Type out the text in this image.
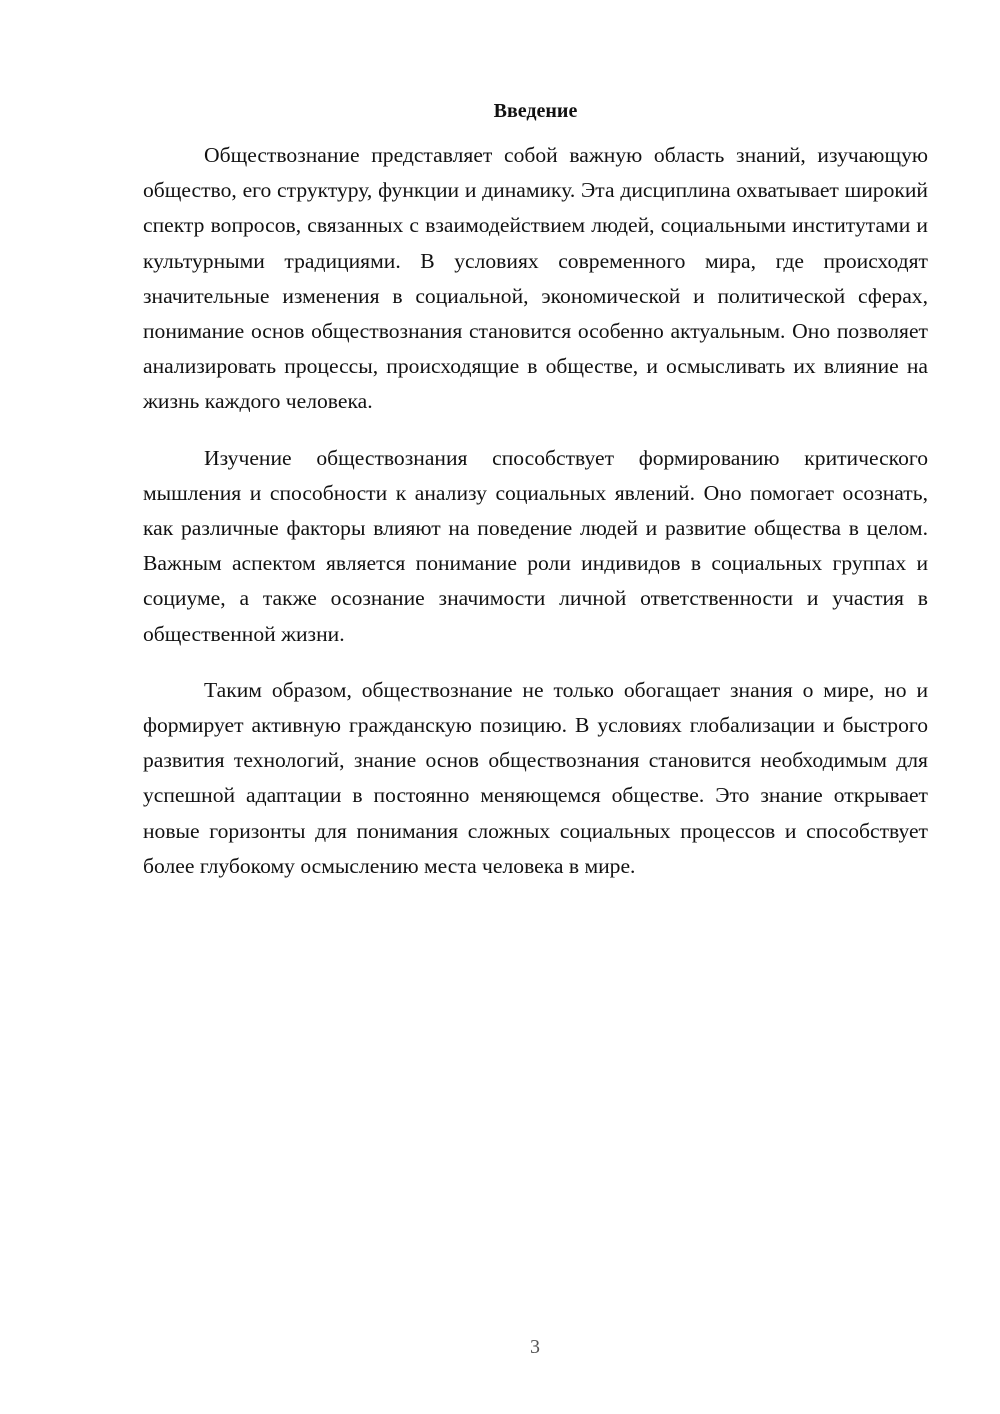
Введение

Обществознание представляет собой важную область знаний, изучающую общество, его структуру, функции и динамику. Эта дисциплина охватывает широкий спектр вопросов, связанных с взаимодействием людей, социальными институтами и культурными традициями. В условиях современного мира, где происходят значительные изменения в социальной, экономической и политической сферах, понимание основ обществознания становится особенно актуальным. Оно позволяет анализировать процессы, происходящие в обществе, и осмысливать их влияние на жизнь каждого человека.

Изучение обществознания способствует формированию критического мышления и способности к анализу социальных явлений. Оно помогает осознать, как различные факторы влияют на поведение людей и развитие общества в целом. Важным аспектом является понимание роли индивидов в социальных группах и социуме, а также осознание значимости личной ответственности и участия в общественной жизни.

Таким образом, обществознание не только обогащает знания о мире, но и формирует активную гражданскую позицию. В условиях глобализации и быстрого развития технологий, знание основ обществознания становится необходимым для успешной адаптации в постоянно меняющемся обществе. Это знание открывает новые горизонты для понимания сложных социальных процессов и способствует более глубокому осмыслению места человека в мире.

3
